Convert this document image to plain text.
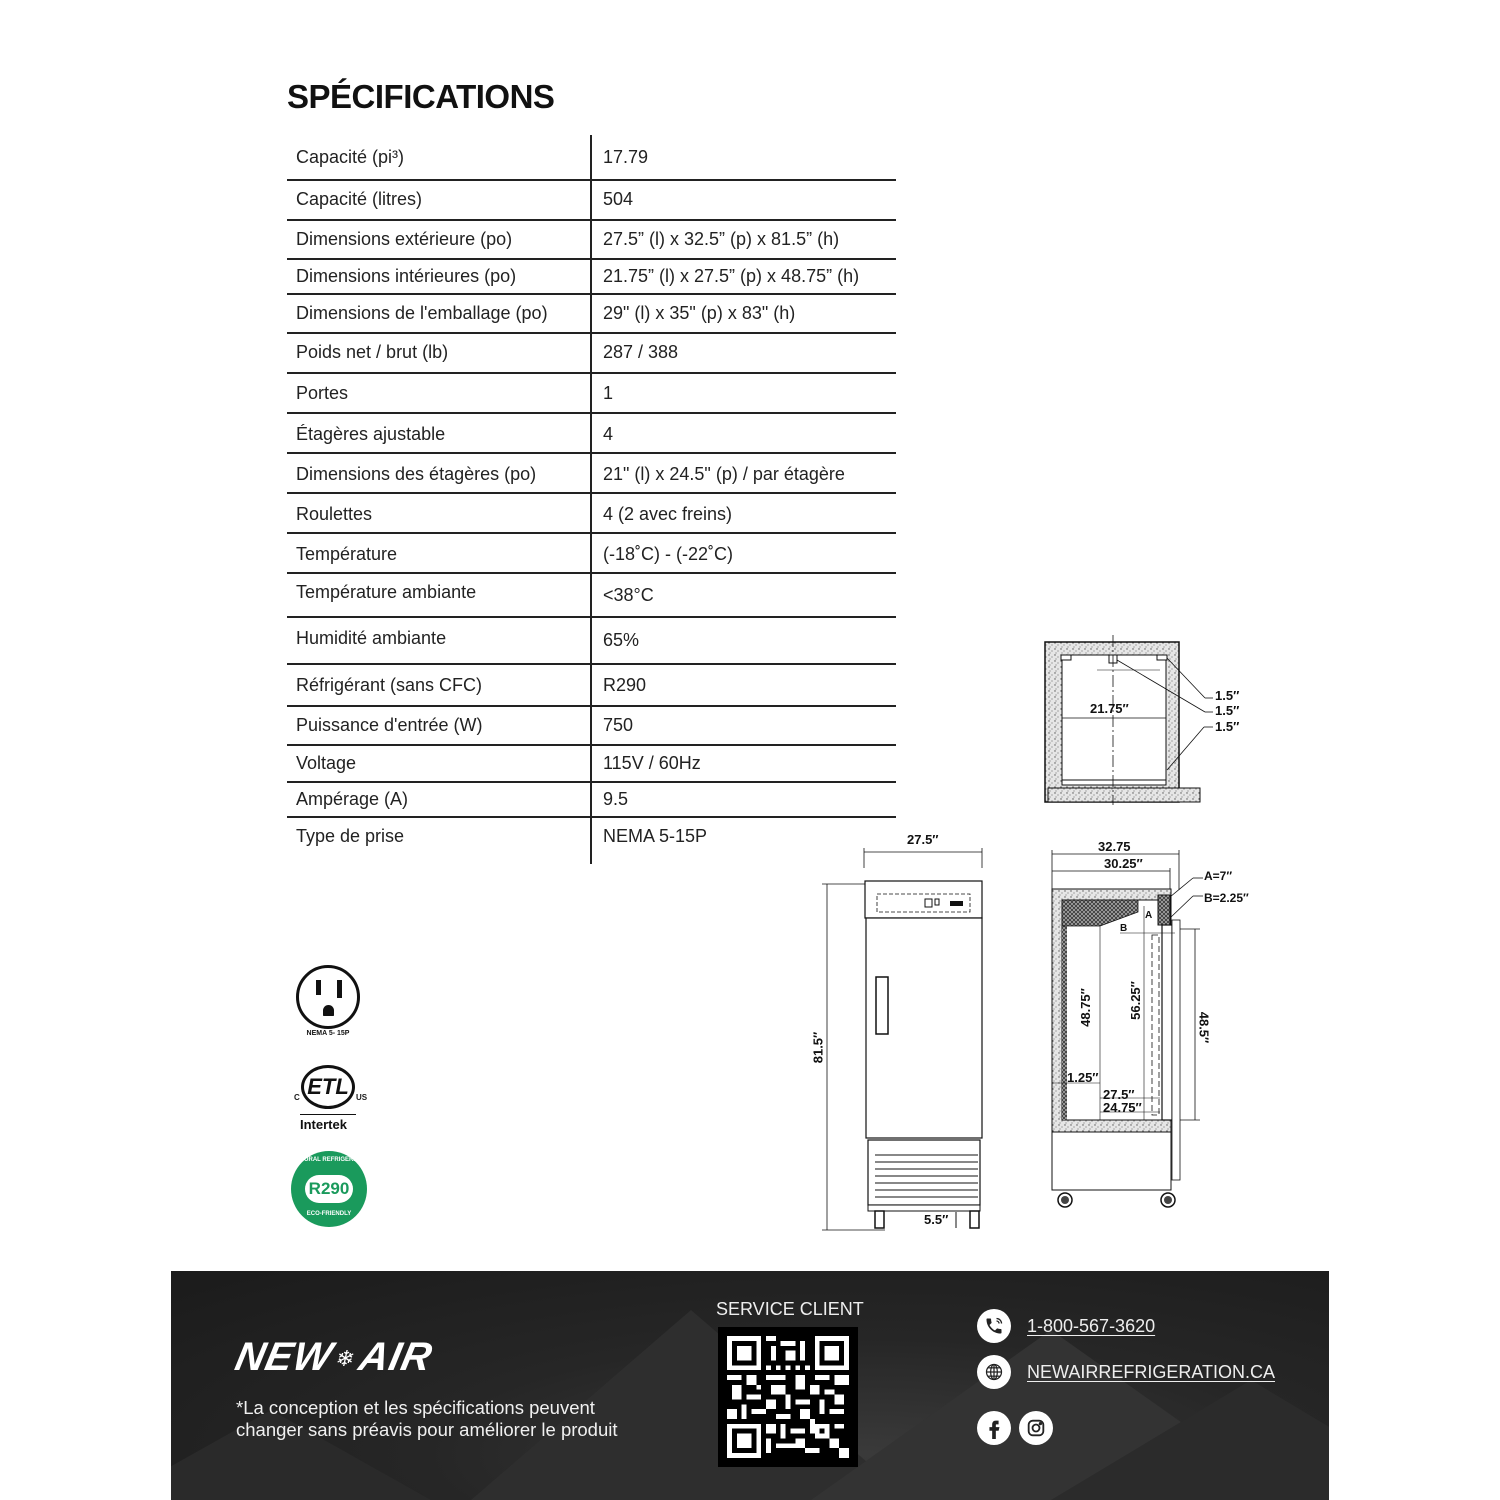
SPÉCIFICATIONS
Capacité (pi³)	17.79
Capacité (litres)	504
Dimensions extérieure (po)	27.5” (l) x 32.5” (p) x 81.5” (h)
Dimensions intérieures (po)	21.75” (l) x 27.5” (p) x 48.75” (h)
Dimensions de l'emballage (po)	29" (l) x 35" (p) x 83" (h)
Poids net / brut (lb)	287 / 388
Portes	1
Étagères ajustable	4
Dimensions des étagères (po)	21" (l) x 24.5" (p) / par étagère
Roulettes	4 (2 avec freins)
Température	(-18˚C) - (-22˚C)
Température ambiante	<38°C
Humidité ambiante	65%
Réfrigérant (sans CFC)	R290
Puissance d'entrée (W)	750
Voltage	115V / 60Hz
Ampérage (A)	9.5
Type de prise	NEMA 5-15P
NEMA 5- 15P
ETL
C	US
Intertek
NATURAL REFRIGERANT
R290
ECO-FRIENDLY
21.75″
1.5″
1.5″
1.5″
27.5″
81.5″
5.5″
32.75
30.25″
A=7″
B=2.25″
A
B
48.75″	56.25″
48.5″
1.25″
27.5″
24.75″
NEW❄AIR
*La conception et les spécifications peuvent
changer sans préavis pour améliorer le produit
SERVICE CLIENT
1-800-567-3620
NEWAIRREFRIGERATION.CA
